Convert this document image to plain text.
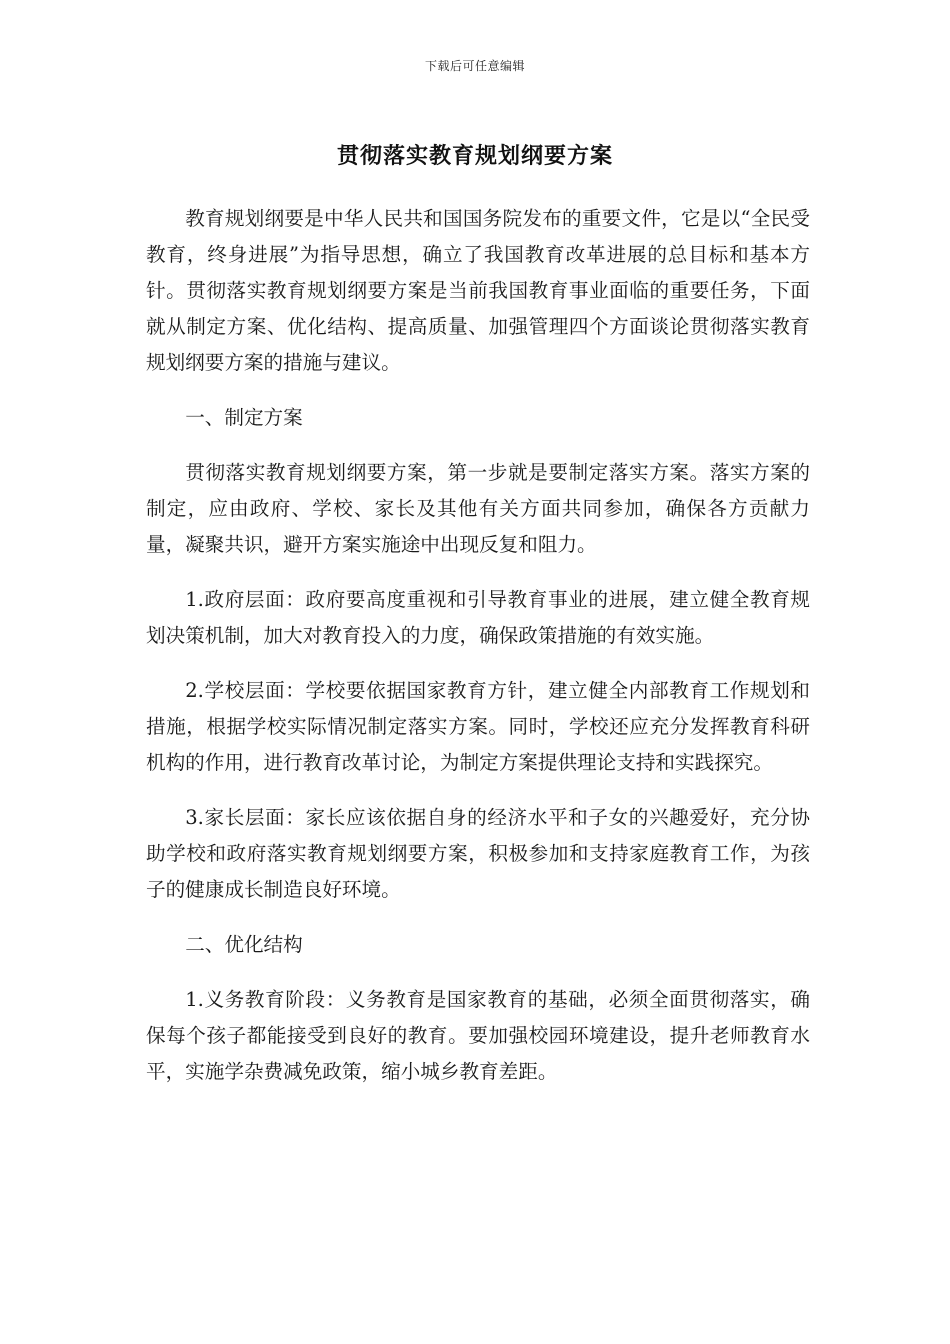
下载后可任意编辑
贯彻落实教育规划纲要方案

教育规划纲要是中华人民共和国国务院发布的重要文件，它是以“全民受教育，终身进展”为指导思想，确立了我国教育改革进展的总目标和基本方针。贯彻落实教育规划纲要方案是当前我国教育事业面临的重要任务，下面就从制定方案、优化结构、提高质量、加强管理四个方面谈论贯彻落实教育规划纲要方案的措施与建议。

一、制定方案

贯彻落实教育规划纲要方案，第一步就是要制定落实方案。落实方案的制定，应由政府、学校、家长及其他有关方面共同参加，确保各方贡献力量，凝聚共识，避开方案实施途中出现反复和阻力。

1.政府层面：政府要高度重视和引导教育事业的进展，建立健全教育规划决策机制，加大对教育投入的力度，确保政策措施的有效实施。

2.学校层面：学校要依据国家教育方针，建立健全内部教育工作规划和措施，根据学校实际情况制定落实方案。同时，学校还应充分发挥教育科研机构的作用，进行教育改革讨论，为制定方案提供理论支持和实践探究。

3.家长层面：家长应该依据自身的经济水平和子女的兴趣爱好，充分协助学校和政府落实教育规划纲要方案，积极参加和支持家庭教育工作，为孩子的健康成长制造良好环境。

二、优化结构

1.义务教育阶段：义务教育是国家教育的基础，必须全面贯彻落实，确保每个孩子都能接受到良好的教育。要加强校园环境建设，提升老师教育水平，实施学杂费减免政策，缩小城乡教育差距。
